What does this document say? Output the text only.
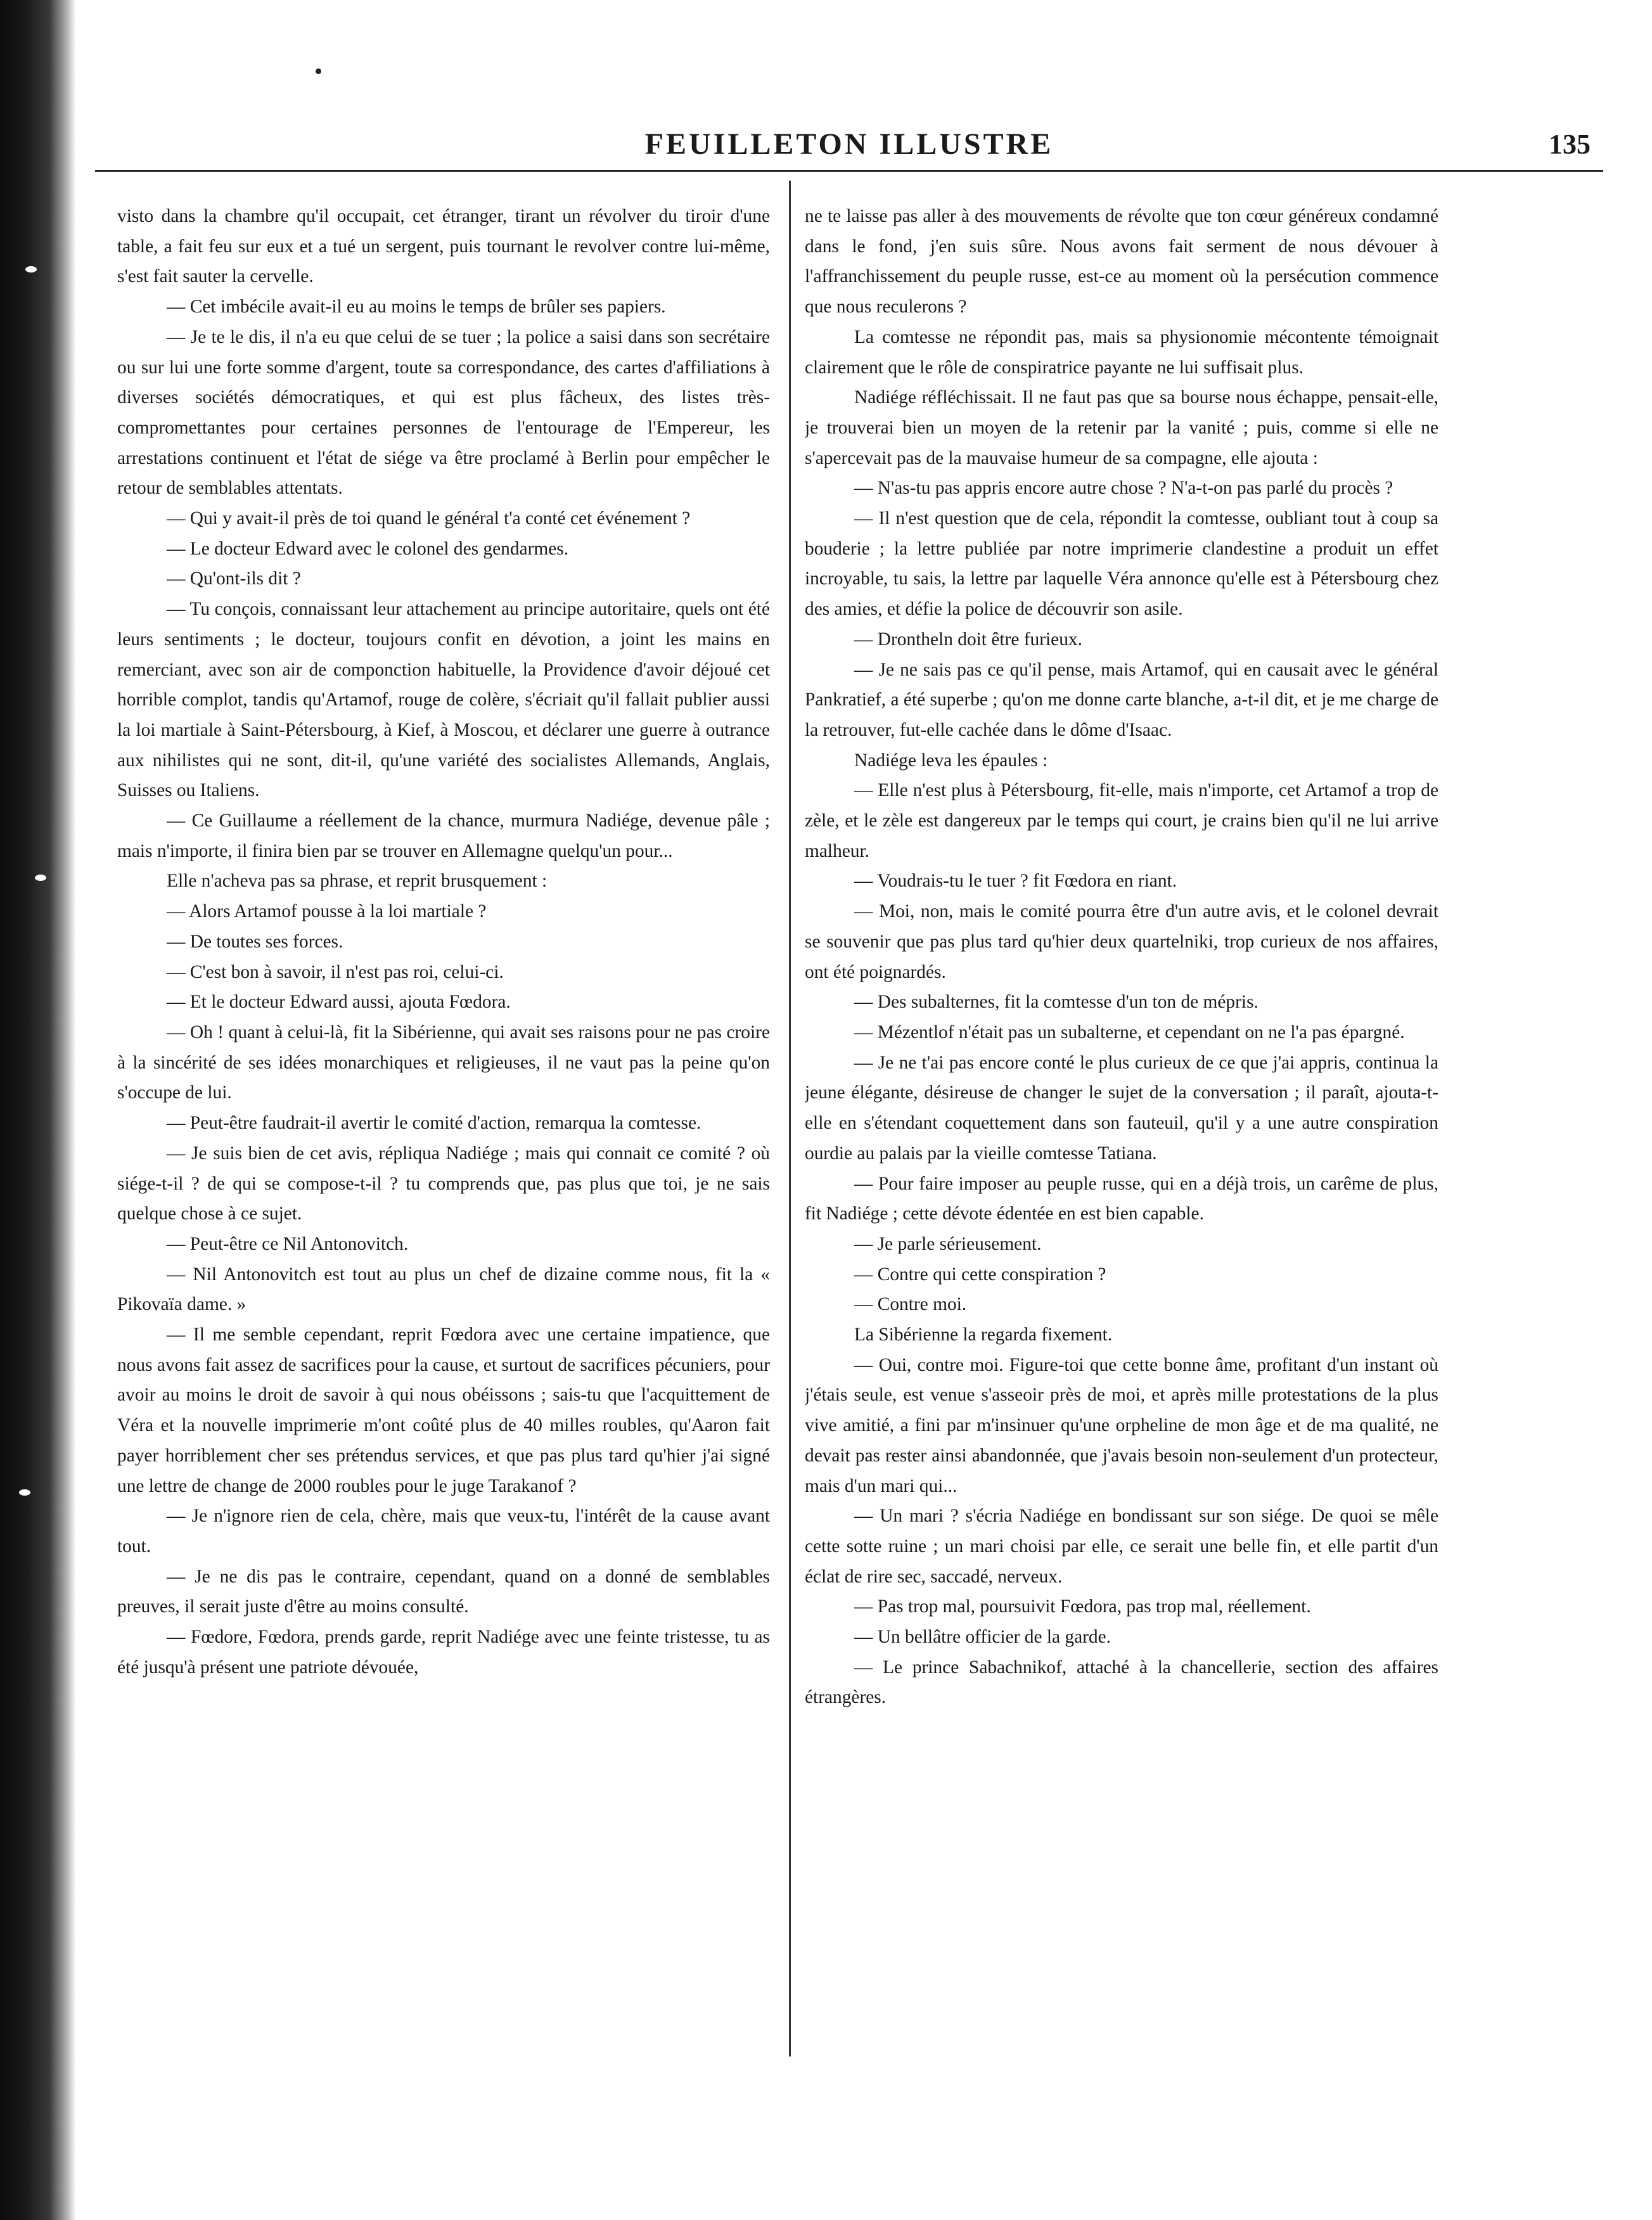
FEUILLETON ILLUSTRE	135

visto dans la chambre qu'il occupait, cet étranger, tirant un révolver du tiroir d'une table, a fait feu sur eux et a tué un sergent, puis tournant le revolver contre lui-même, s'est fait sauter la cervelle.

— Cet imbécile avait-il eu au moins le temps de brûler ses papiers.

— Je te le dis, il n'a eu que celui de se tuer ; la police a saisi dans son secrétaire ou sur lui une forte somme d'argent, toute sa correspondance, des cartes d'affiliations à diverses sociétés démocratiques, et qui est plus fâcheux, des listes très-compromettantes pour certaines personnes de l'entourage de l'Empereur, les arrestations continuent et l'état de siége va être proclamé à Berlin pour empêcher le retour de semblables attentats.

— Qui y avait-il près de toi quand le général t'a conté cet événement ?

— Le docteur Edward avec le colonel des gendarmes.

— Qu'ont-ils dit ?

— Tu conçois, connaissant leur attachement au principe autoritaire, quels ont été leurs sentiments ; le docteur, toujours confit en dévotion, a joint les mains en remerciant, avec son air de componction habituelle, la Providence d'avoir déjoué cet horrible complot, tandis qu'Artamof, rouge de colère, s'écriait qu'il fallait publier aussi la loi martiale à Saint-Pétersbourg, à Kief, à Moscou, et déclarer une guerre à outrance aux nihilistes qui ne sont, dit-il, qu'une variété des socialistes Allemands, Anglais, Suisses ou Italiens.

— Ce Guillaume a réellement de la chance, murmura Nadiége, devenue pâle ; mais n'importe, il finira bien par se trouver en Allemagne quelqu'un pour...

Elle n'acheva pas sa phrase, et reprit brusquement :

— Alors Artamof pousse à la loi martiale ?

— De toutes ses forces.

— C'est bon à savoir, il n'est pas roi, celui-ci.

— Et le docteur Edward aussi, ajouta Fœdora.

— Oh ! quant à celui-là, fit la Sibérienne, qui avait ses raisons pour ne pas croire à la sincérité de ses idées monarchiques et religieuses, il ne vaut pas la peine qu'on s'occupe de lui.

— Peut-être faudrait-il avertir le comité d'action, remarqua la comtesse.

— Je suis bien de cet avis, répliqua Nadiége ; mais qui connait ce comité ? où siége-t-il ? de qui se compose-t-il ? tu comprends que, pas plus que toi, je ne sais quelque chose à ce sujet.

— Peut-être ce Nil Antonovitch.

— Nil Antonovitch est tout au plus un chef de dizaine comme nous, fit la « Pikovaïa dame. »

— Il me semble cependant, reprit Fœdora avec une certaine impatience, que nous avons fait assez de sacrifices pour la cause, et surtout de sacrifices pécuniers, pour avoir au moins le droit de savoir à qui nous obéissons ; sais-tu que l'acquittement de Véra et la nouvelle imprimerie m'ont coûté plus de 40 milles roubles, qu'Aaron fait payer horriblement cher ses prétendus services, et que pas plus tard qu'hier j'ai signé une lettre de change de 2000 roubles pour le juge Tarakanof ?

— Je n'ignore rien de cela, chère, mais que veux-tu, l'intérêt de la cause avant tout.

— Je ne dis pas le contraire, cependant, quand on a donné de semblables preuves, il serait juste d'être au moins consulté.

— Fœdore, Fœdora, prends garde, reprit Nadiége avec une feinte tristesse, tu as été jusqu'à présent une patriote dévouée,

ne te laisse pas aller à des mouvements de révolte que ton cœur généreux condamné dans le fond, j'en suis sûre. Nous avons fait serment de nous dévouer à l'affranchissement du peuple russe, est-ce au moment où la persécution commence que nous reculerons ?

La comtesse ne répondit pas, mais sa physionomie mécontente témoignait clairement que le rôle de conspiratrice payante ne lui suffisait plus.

Nadiége réfléchissait. Il ne faut pas que sa bourse nous échappe, pensait-elle, je trouverai bien un moyen de la retenir par la vanité ; puis, comme si elle ne s'apercevait pas de la mauvaise humeur de sa compagne, elle ajouta :

— N'as-tu pas appris encore autre chose ? N'a-t-on pas parlé du procès ?

— Il n'est question que de cela, répondit la comtesse, oubliant tout à coup sa bouderie ; la lettre publiée par notre imprimerie clandestine a produit un effet incroyable, tu sais, la lettre par laquelle Véra annonce qu'elle est à Pétersbourg chez des amies, et défie la police de découvrir son asile.

— Drontheln doit être furieux.

— Je ne sais pas ce qu'il pense, mais Artamof, qui en causait avec le général Pankratief, a été superbe ; qu'on me donne carte blanche, a-t-il dit, et je me charge de la retrouver, fut-elle cachée dans le dôme d'Isaac.

Nadiége leva les épaules :

— Elle n'est plus à Pétersbourg, fit-elle, mais n'importe, cet Artamof a trop de zèle, et le zèle est dangereux par le temps qui court, je crains bien qu'il ne lui arrive malheur.

— Voudrais-tu le tuer ? fit Fœdora en riant.

— Moi, non, mais le comité pourra être d'un autre avis, et le colonel devrait se souvenir que pas plus tard qu'hier deux quartelniki, trop curieux de nos affaires, ont été poignardés.

— Des subalternes, fit la comtesse d'un ton de mépris.

— Mézentlof n'était pas un subalterne, et cependant on ne l'a pas épargné.

— Je ne t'ai pas encore conté le plus curieux de ce que j'ai appris, continua la jeune élégante, désireuse de changer le sujet de la conversation ; il paraît, ajouta-t-elle en s'étendant coquettement dans son fauteuil, qu'il y a une autre conspiration ourdie au palais par la vieille comtesse Tatiana.

— Pour faire imposer au peuple russe, qui en a déjà trois, un carême de plus, fit Nadiége ; cette dévote édentée en est bien capable.

— Je parle sérieusement.

— Contre qui cette conspiration ?

— Contre moi.

La Sibérienne la regarda fixement.

— Oui, contre moi. Figure-toi que cette bonne âme, profitant d'un instant où j'étais seule, est venue s'asseoir près de moi, et après mille protestations de la plus vive amitié, a fini par m'insinuer qu'une orpheline de mon âge et de ma qualité, ne devait pas rester ainsi abandonnée, que j'avais besoin non-seulement d'un protecteur, mais d'un mari qui...

— Un mari ? s'écria Nadiége en bondissant sur son siége. De quoi se mêle cette sotte ruine ; un mari choisi par elle, ce serait une belle fin, et elle partit d'un éclat de rire sec, saccadé, nerveux.

— Pas trop mal, poursuivit Fœdora, pas trop mal, réellement.

— Un bellâtre officier de la garde.

— Le prince Sabachnikof, attaché à la chancellerie, section des affaires étrangères.
